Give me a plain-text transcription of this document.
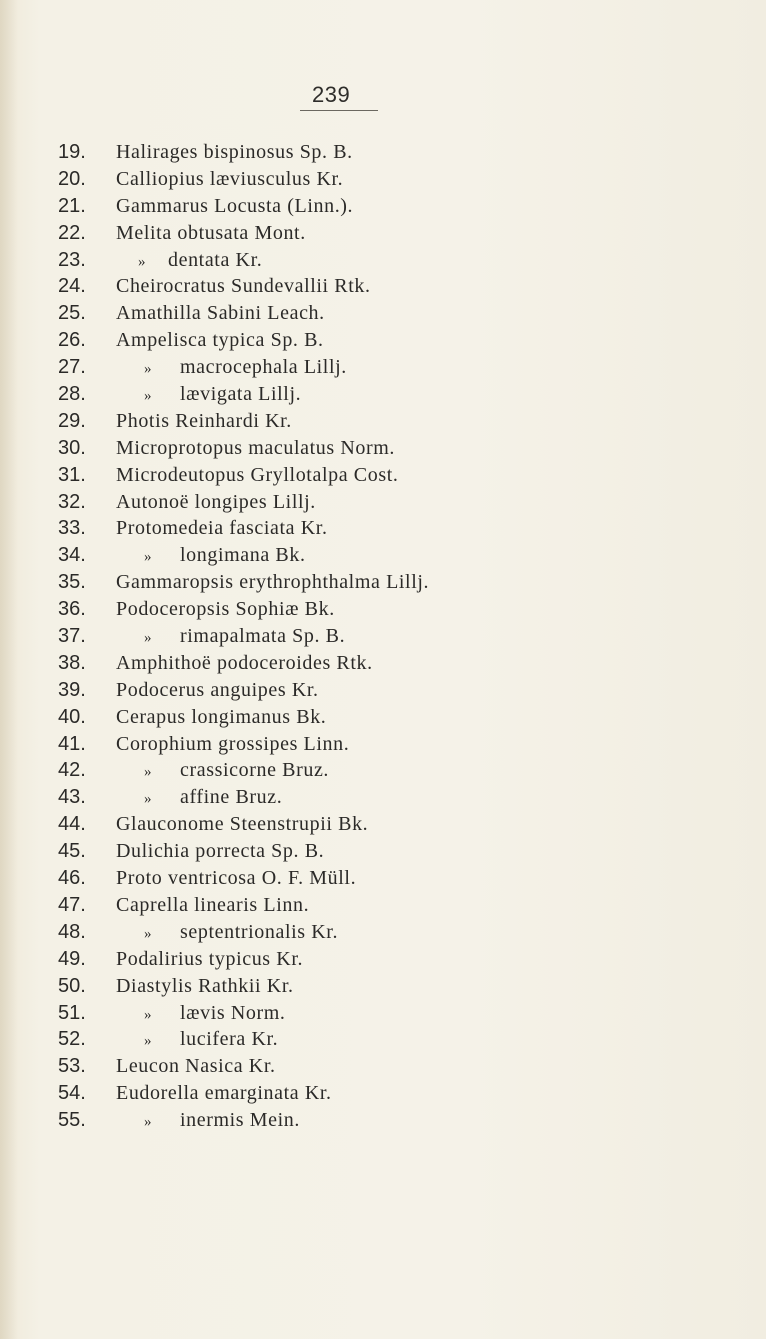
239
19.	Halirages bispinosus Sp. B.
20.	Calliopius læviusculus Kr.
21.	Gammarus Locusta (Linn.).
22.	Melita obtusata Mont.
23.	» dentata Kr.
24.	Cheirocratus Sundevallii Rtk.
25.	Amathilla Sabini Leach.
26.	Ampelisca typica Sp. B.
27.	» macrocephala Lillj.
28.	» lævigata Lillj.
29.	Photis Reinhardi Kr.
30.	Microprotopus maculatus Norm.
31.	Microdeutopus Gryllotalpa Cost.
32.	Autonoë longipes Lillj.
33.	Protomedeia fasciata Kr.
34.	» longimana Bk.
35.	Gammaropsis erythrophthalma Lillj.
36.	Podoceropsis Sophiæ Bk.
37.	» rimapalmata Sp. B.
38.	Amphithoë podoceroides Rtk.
39.	Podocerus anguipes Kr.
40.	Cerapus longimanus Bk.
41.	Corophium grossipes Linn.
42.	» crassicorne Bruz.
43.	» affine Bruz.
44.	Glauconome Steenstrupii Bk.
45.	Dulichia porrecta Sp. B.
46.	Proto ventricosa O. F. Müll.
47.	Caprella linearis Linn.
48.	» septentrionalis Kr.
49.	Podalirius typicus Kr.
50.	Diastylis Rathkii Kr.
51.	» lævis Norm.
52.	» lucifera Kr.
53.	Leucon Nasica Kr.
54.	Eudorella emarginata Kr.
55.	» inermis Mein.
